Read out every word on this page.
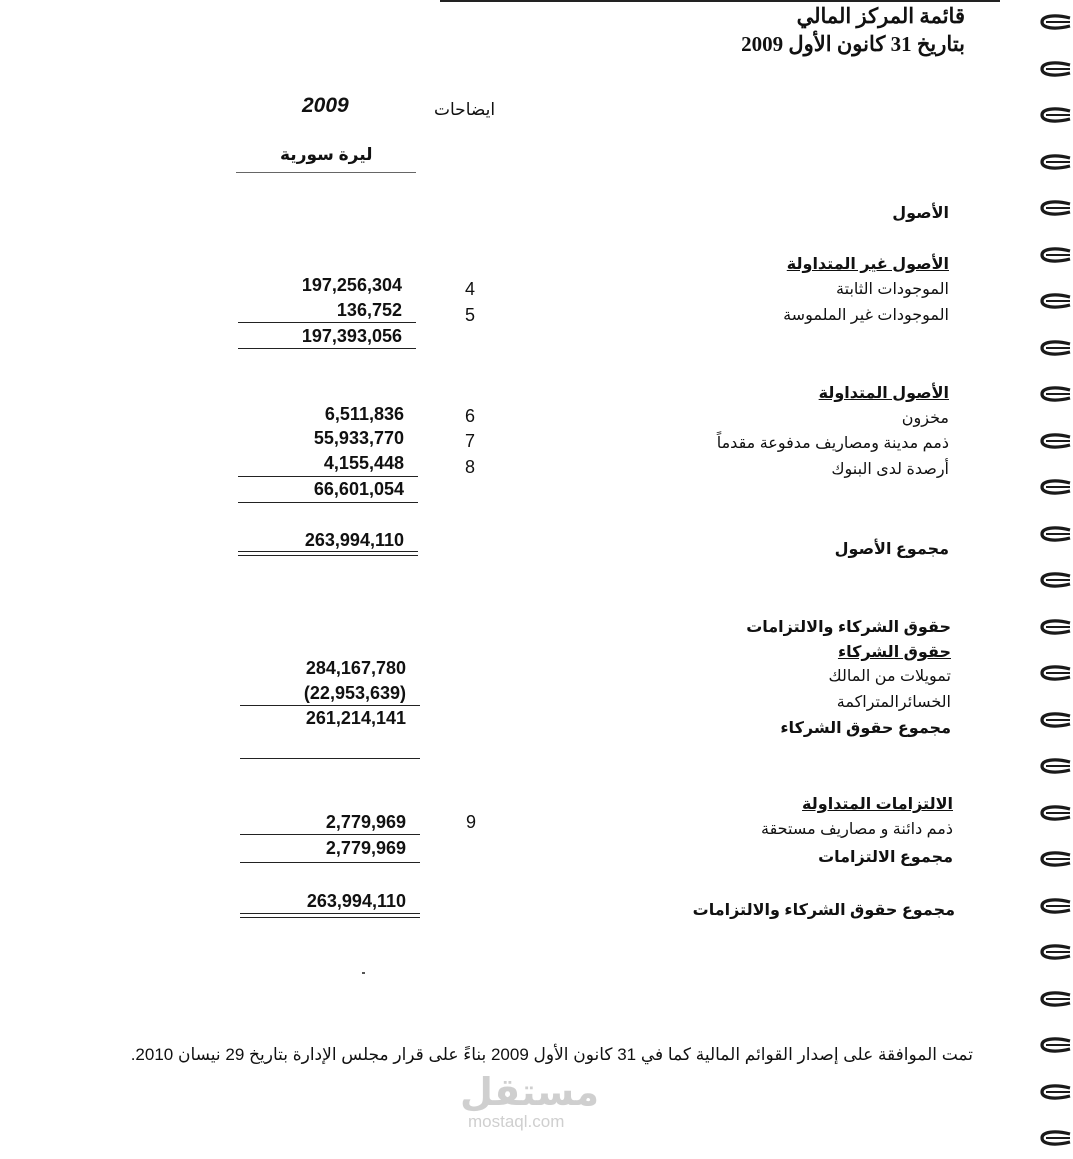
قائمة المركز المالي
بتاريخ 31 كانون الأول 2009
2009	ايضاحات
ليرة سورية
الأصول
الأصول غير المتداولة
الموجودات الثابتة
4
197,256,304
الموجودات غير الملموسة
5
136,752
197,393,056
الأصول المتداولة
مخزون
6
6,511,836
ذمم مدينة ومصاريف مدفوعة مقدماً
7
55,933,770
أرصدة لدى البنوك
8
4,155,448
66,601,054
مجموع الأصول
263,994,110
حقوق الشركاء والالتزامات
حقوق الشركاء
تمويلات من المالك
284,167,780
الخسائرالمتراكمة
(22,953,639)
261,214,141
مجموع حقوق الشركاء
الالتزامات المتداولة
ذمم دائنة و مصاريف مستحقة
9
2,779,969
2,779,969	مجموع الالتزامات
مجموع حقوق الشركاء والالتزامات
263,994,110
تمت الموافقة على إصدار القوائم المالية كما في 31 كانون الأول 2009 بناءً على قرار مجلس الإدارة بتاريخ 29 نيسان 2010.
مستقل
mostaql.com
